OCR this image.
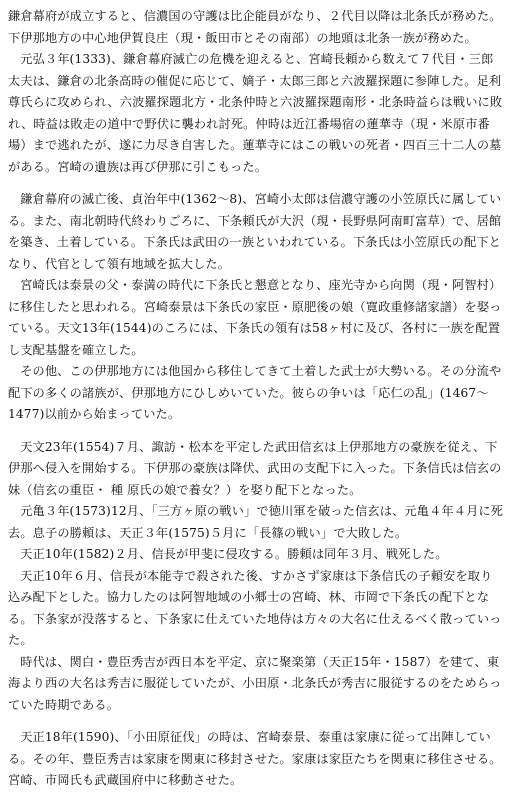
鎌倉幕府が成立すると、信濃国の守護は比企能員がなり、２代目以降は北条氏が務めた。下伊那地方の中心地伊賀良庄（現・飯田市とその南部）の地頭は北条一族が務めた。

元弘３年(1333)、鎌倉幕府滅亡の危機を迎えると、宮崎長頼から数えて７代目・三郎太夫は、鎌倉の北条高時の催促に応じて、嫡子・太郎三郎と六波羅探題に参陣した。足利尊氏らに攻められ、六波羅探題北方・北条仲時と六波羅探題南形・北条時益らは戦いに敗れ、時益は敗走の道中で野伏に襲われ討死。仲時は近江番場宿の蓮華寺（現・米原市番場）まで逃れたが、遂に力尽き自害した。蓮華寺にはこの戦いの死者・四百三十二人の墓がある。宮崎の遺族は再び伊那に引こもった。

鎌倉幕府の滅亡後、貞治年中(1362～8)、宮崎小太郎は信濃守護の小笠原氏に属している。また、南北朝時代終わりごろに、下条頼氏が大沢（現・長野県阿南町富草）で、居館を築き、土着している。下条氏は武田の一族といわれている。下条氏は小笠原氏の配下となり、代官として領有地域を拡大した。

宮崎氏は泰景の父・泰満の時代に下条氏と懇意となり、座光寺から向関（現・阿智村）に移住したと思われる。宮崎泰景は下条氏の家臣・原肥後の娘（寛政重修諸家譜）を娶っている。天文13年(1544)のころには、下条氏の領有は58ヶ村に及び、各村に一族を配置し支配基盤を確立した。

その他、この伊那地方には他国から移住してきて土着した武士が大勢いる。その分流や配下の多くの諸族が、伊那地方にひしめいていた。彼らの争いは「応仁の乱」(1467～1477)以前から始まっていた。

天文23年(1554)７月、諏訪・松本を平定した武田信玄は上伊那地方の豪族を従え、下伊那へ侵入を開始する。下伊那の豪族は降伏、武田の支配下に入った。下条信氏は信玄の妹（信玄の重臣・ 種 原氏の娘で養女？）を娶り配下となった。

元亀３年(1573)12月、「三方ヶ原の戦い」で徳川軍を破った信玄は、元亀４年４月に死去。息子の勝頼は、天正３年(1575)５月に「長篠の戦い」で大敗した。

天正10年(1582)２月、信長が甲斐に侵攻する。勝頼は同年３月、戦死した。

天正10年６月、信長が本能寺で殺された後、すかさず家康は下条信氏の子頼安を取り込み配下とした。協力したのは阿智地域の小郷士の宮崎、林、市岡で下条氏の配下となる。下条家が没落すると、下条家に仕えていた地侍は方々の大名に仕えるべく散っていった。

時代は、関白・豊臣秀吉が西日本を平定、京に聚楽第（天正15年・1587）を建て、東海より西の大名は秀吉に服従していたが、小田原・北条氏が秀吉に服従するのをためらっていた時期である。

天正18年(1590)、「小田原征伐」の時は、宮崎泰景、泰重は家康に従って出陣している。その年、豊臣秀吉は家康を関東に移封させた。家康は家臣たちを関東に移住させる。宮崎、市岡氏も武蔵国府中に移動させた。
